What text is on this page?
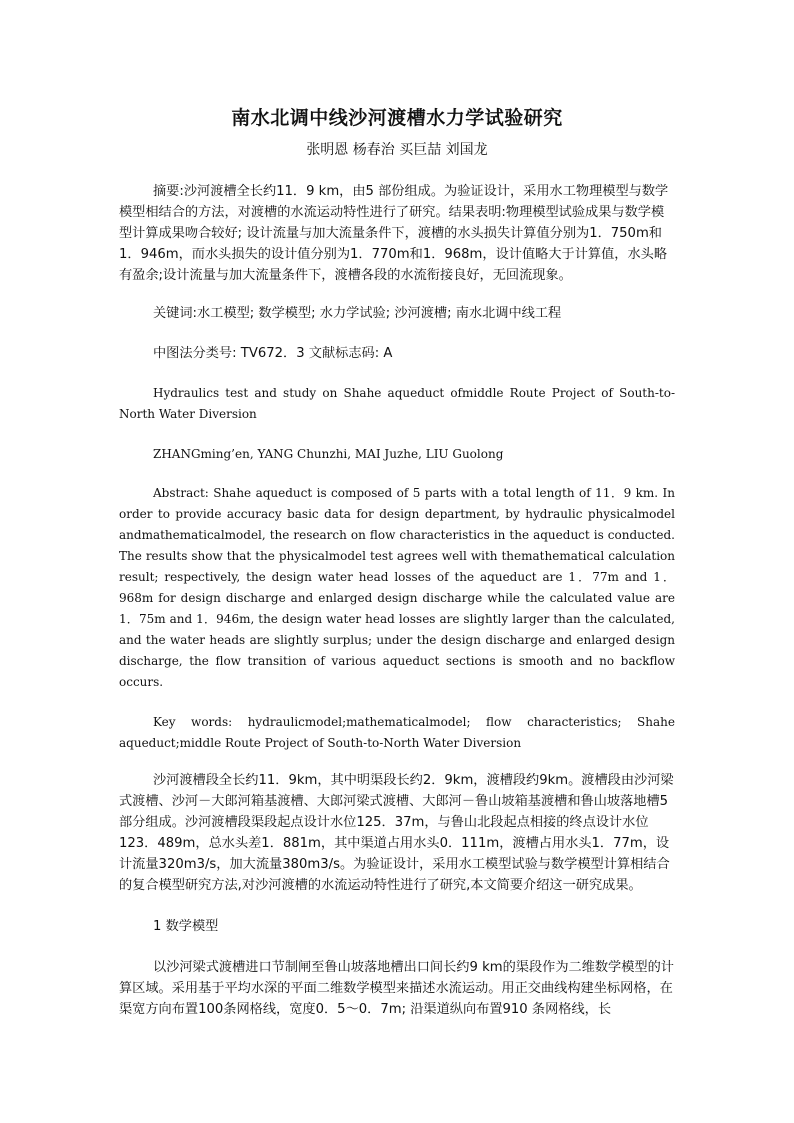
南水北调中线沙河渡槽水力学试验研究
张明恩 杨春治 买巨喆 刘国龙

摘要:沙河渡槽全长约11．9 km，由5 部份组成。为验证设计，采用水工物理模型与数学模型相结合的方法，对渡槽的水流运动特性进行了研究。结果表明:物理模型试验成果与数学模型计算成果吻合较好; 设计流量与加大流量条件下，渡槽的水头损失计算值分别为1．750m和1．946m，而水头损失的设计值分别为1．770m和1．968m，设计值略大于计算值，水头略有盈余;设计流量与加大流量条件下，渡槽各段的水流衔接良好，无回流现象。

关键词:水工模型; 数学模型; 水力学试验; 沙河渡槽; 南水北调中线工程

中图法分类号: TV672．3 文献标志码: A

Hydraulics test and study on Shahe aqueduct ofmiddle Route Project of South-to-North Water Diversion

ZHANGming’en, YANG Chunzhi, MAI Juzhe, LIU Guolong

Abstract: Shahe aqueduct is composed of 5 parts with a total length of 11．9 km. In order to provide accuracy basic data for design department, by hydraulic physicalmodel andmathematicalmodel, the research on flow characteristics in the aqueduct is conducted. The results show that the physicalmodel test agrees well with themathematical calculation result; respectively, the design water head losses of the aqueduct are 1．77m and 1．968m for design discharge and enlarged design discharge while the calculated value are 1．75m and 1．946m, the design water head losses are slightly larger than the calculated, and the water heads are slightly surplus; under the design discharge and enlarged design discharge, the flow transition of various aqueduct sections is smooth and no backflow occurs.

Key words: hydraulicmodel;mathematicalmodel; flow characteristics; Shahe aqueduct;middle Route Project of South-to-North Water Diversion

沙河渡槽段全长约11．9km，其中明渠段长约2．9km，渡槽段约9km。渡槽段由沙河梁式渡槽、沙河－大郎河箱基渡槽、大郎河梁式渡槽、大郎河－鲁山坡箱基渡槽和鲁山坡落地槽5 部分组成。沙河渡槽段渠段起点设计水位125．37m，与鲁山北段起点相接的终点设计水位123．489m，总水头差1．881m，其中渠道占用水头0．111m，渡槽占用水头1．77m，设计流量320m3/s，加大流量380m3/s。为验证设计，采用水工模型试验与数学模型计算相结合的复合模型研究方法,对沙河渡槽的水流运动特性进行了研究,本文简要介绍这一研究成果。

1 数学模型

以沙河梁式渡槽进口节制闸至鲁山坡落地槽出口间长约9 km的渠段作为二维数学模型的计算区域。采用基于平均水深的平面二维数学模型来描述水流运动。用正交曲线构建坐标网格，在渠宽方向布置100条网格线，宽度0．5～0．7m; 沿渠道纵向布置910 条网格线，长
